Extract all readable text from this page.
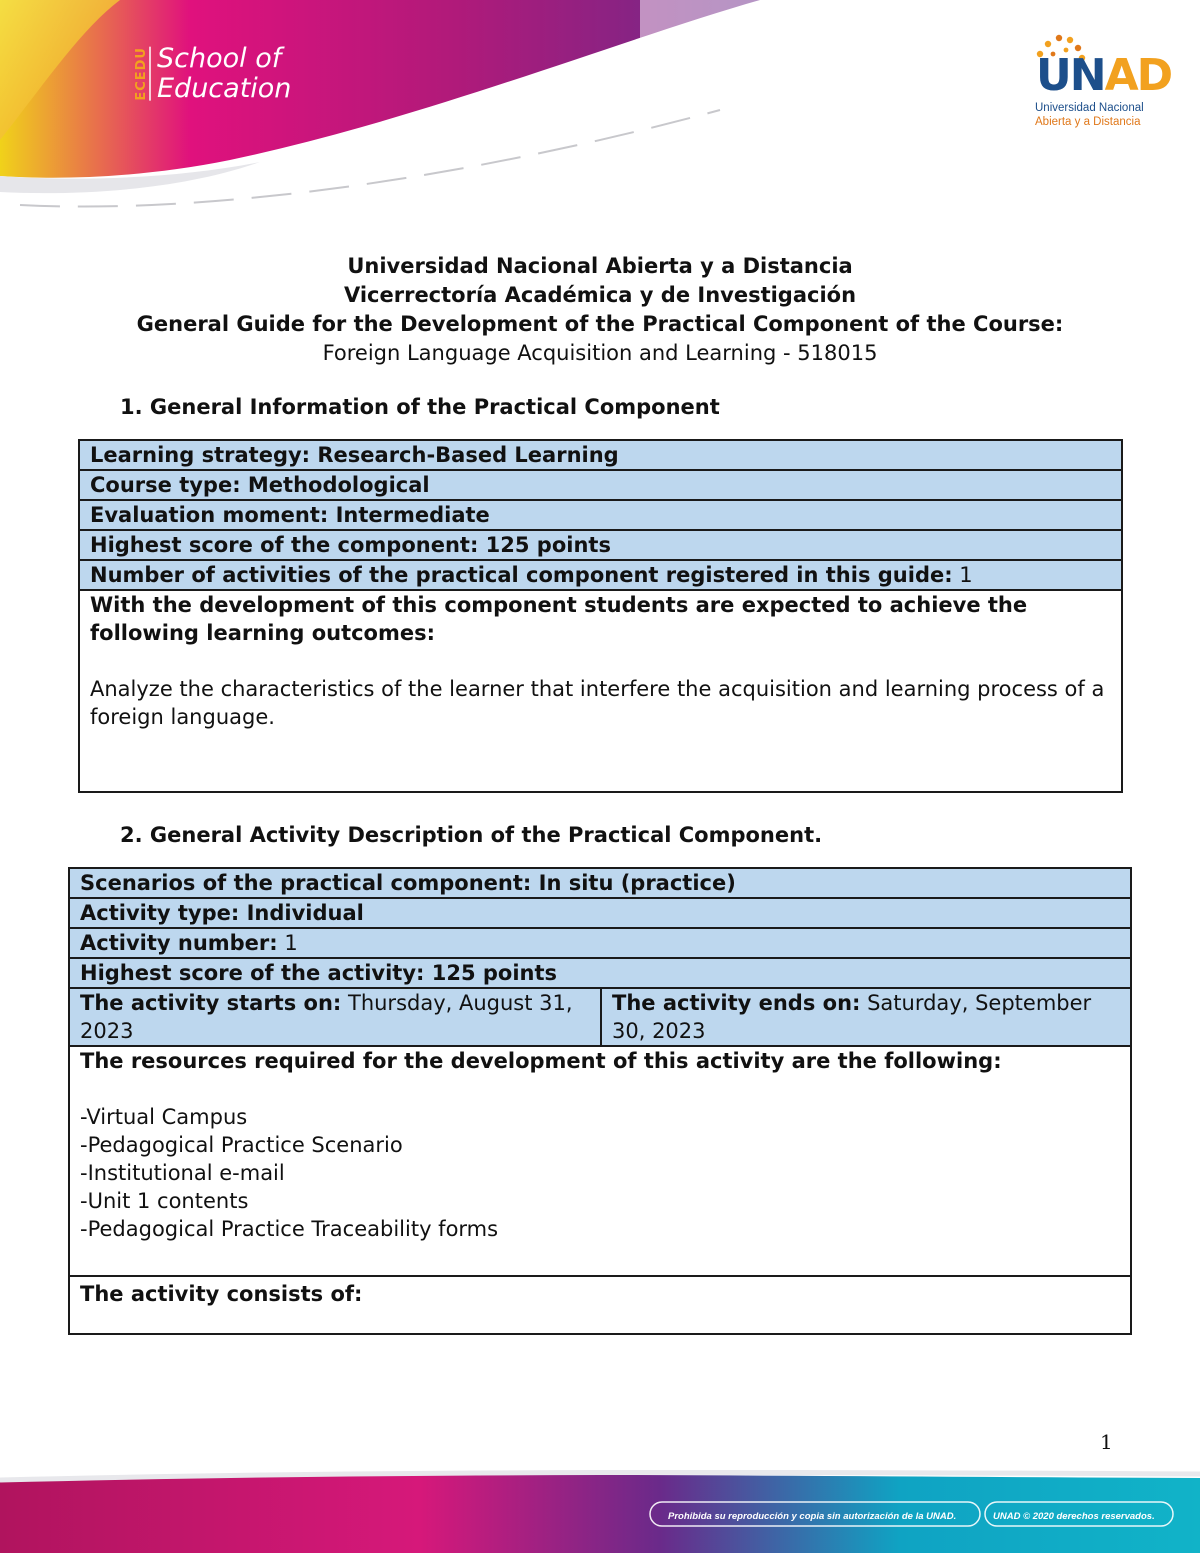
ECEDU School of
Education	UNAD
Universidad Nacional
Abierta y a Distancia
Universidad Nacional Abierta y a Distancia
Vicerrectoría Académica y de Investigación
General Guide for the Development of the Practical Component of the Course:
Foreign Language Acquisition and Learning - 518015
1. General Information of the Practical Component
Learning strategy: Research-Based Learning
Course type: Methodological
Evaluation moment: Intermediate
Highest score of the component: 125 points
Number of activities of the practical component registered in this guide: 1

With the development of this component students are expected to achieve the following learning outcomes:
Analyze the characteristics of the learner that interfere the acquisition and learning process of a foreign language.
2. General Activity Description of the Practical Component.
Scenarios of the practical component: In situ (practice)
Activity type: Individual
Activity number: 1
Highest score of the activity: 125 points
The activity starts on: Thursday, August 31, 2023	The activity ends on: Saturday, September 30, 2023

The resources required for the development of this activity are the following:
-Virtual Campus
-Pedagogical Practice Scenario
-Institutional e-mail
-Unit 1 contents
-Pedagogical Practice Traceability forms

The activity consists of:
1
Prohibida su reproducción y copia sin autorización de la UNAD.	UNAD © 2020 derechos reservados.
